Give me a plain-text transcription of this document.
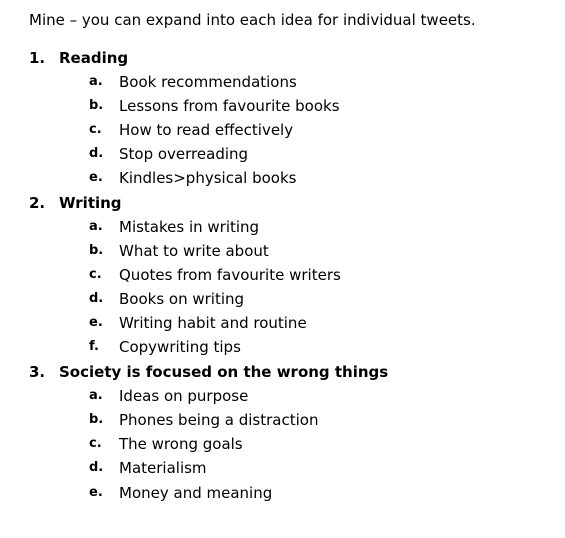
Mine – you can expand into each idea for individual tweets.
1. Reading
a. Book recommendations
b. Lessons from favourite books
c. How to read effectively
d. Stop overreading
e. Kindles>physical books
2. Writing
a. Mistakes in writing
b. What to write about
c. Quotes from favourite writers
d. Books on writing
e. Writing habit and routine
f. Copywriting tips
3. Society is focused on the wrong things
a. Ideas on purpose
b. Phones being a distraction
c. The wrong goals
d. Materialism
e. Money and meaning
